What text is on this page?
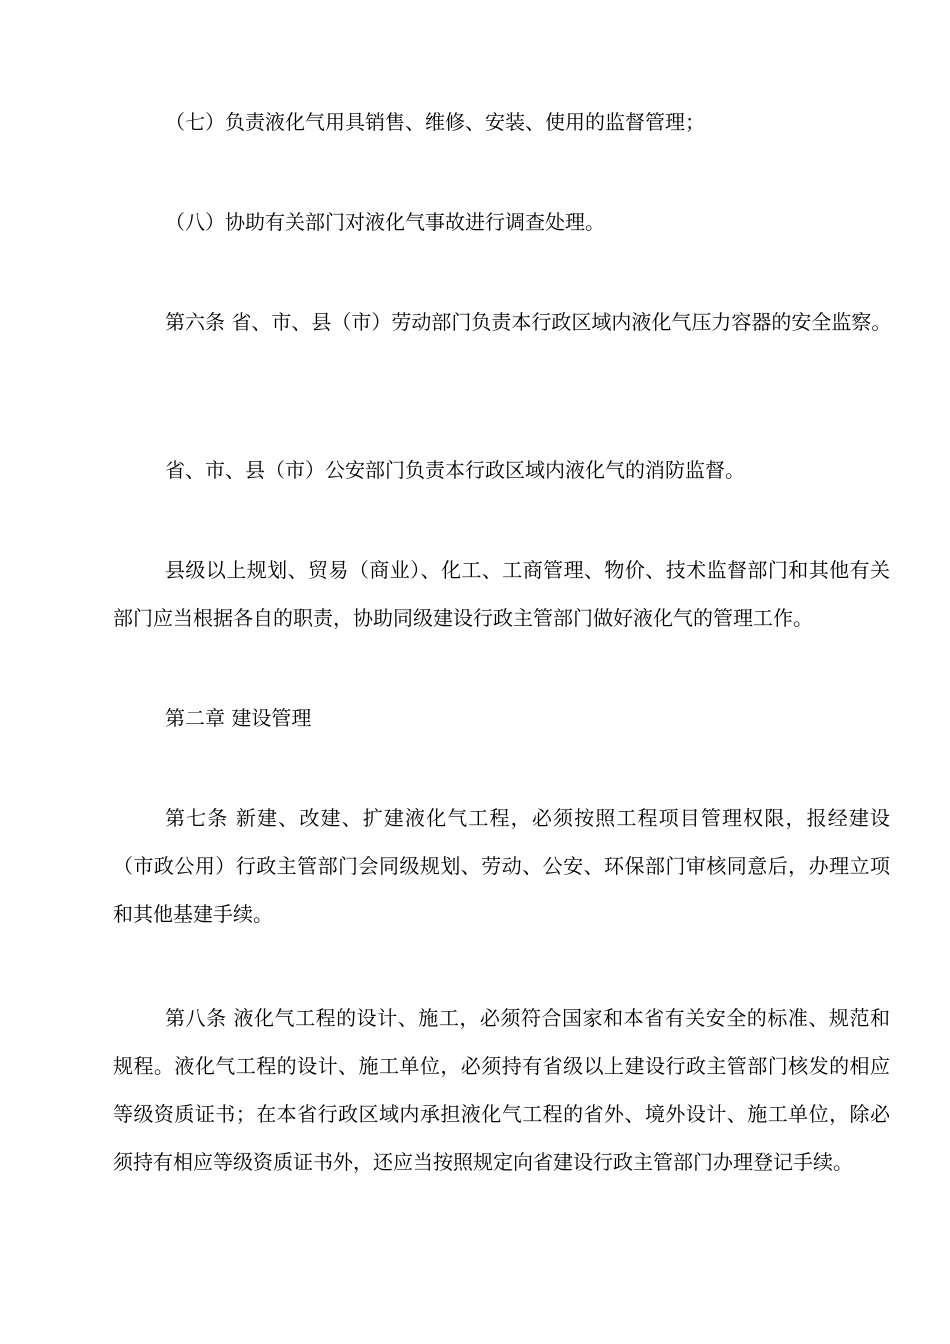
（七）负责液化气用具销售、维修、安装、使用的监督管理；

（八）协助有关部门对液化气事故进行调查处理。

第六条 省、市、县（市）劳动部门负责本行政区域内液化气压力容器的安全监察。

省、市、县（市）公安部门负责本行政区域内液化气的消防监督。

县级以上规划、贸易（商业）、化工、工商管理、物价、技术监督部门和其他有关部门应当根据各自的职责，协助同级建设行政主管部门做好液化气的管理工作。

第二章 建设管理

第七条 新建、改建、扩建液化气工程，必须按照工程项目管理权限，报经建设（市政公用）行政主管部门会同级规划、劳动、公安、环保部门审核同意后，办理立项和其他基建手续。

第八条 液化气工程的设计、施工，必须符合国家和本省有关安全的标准、规范和规程。液化气工程的设计、施工单位，必须持有省级以上建设行政主管部门核发的相应等级资质证书；在本省行政区域内承担液化气工程的省外、境外设计、施工单位，除必须持有相应等级资质证书外，还应当按照规定向省建设行政主管部门办理登记手续。
